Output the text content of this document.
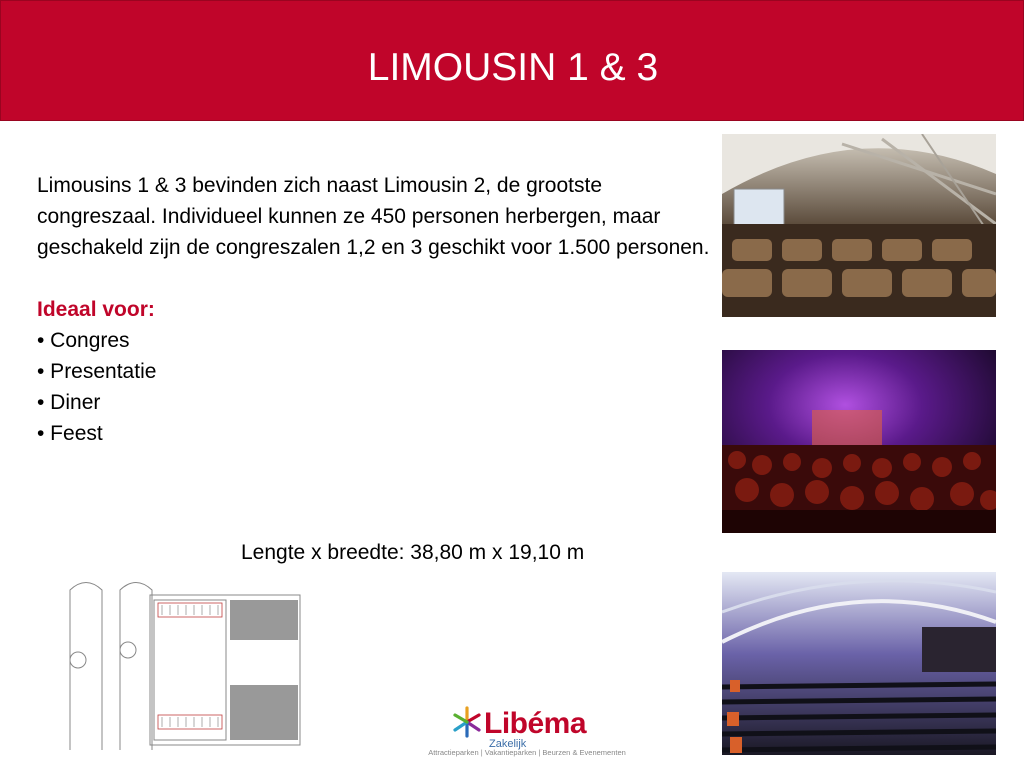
LIMOUSIN 1 & 3

Limousins 1 & 3 bevinden zich naast Limousin 2, de grootste congreszaal. Individueel kunnen ze 450 personen herbergen, maar geschakeld zijn de congreszalen 1,2 en 3 geschikt voor 1.500 personen.

Ideaal voor:

• Congres
• Presentatie
• Diner
• Feest
Lengte x breedte: 38,80 m x 19,10 m
Libéma
Zakelijk
Attractieparken | Vakantieparken | Beurzen & Evenementen
